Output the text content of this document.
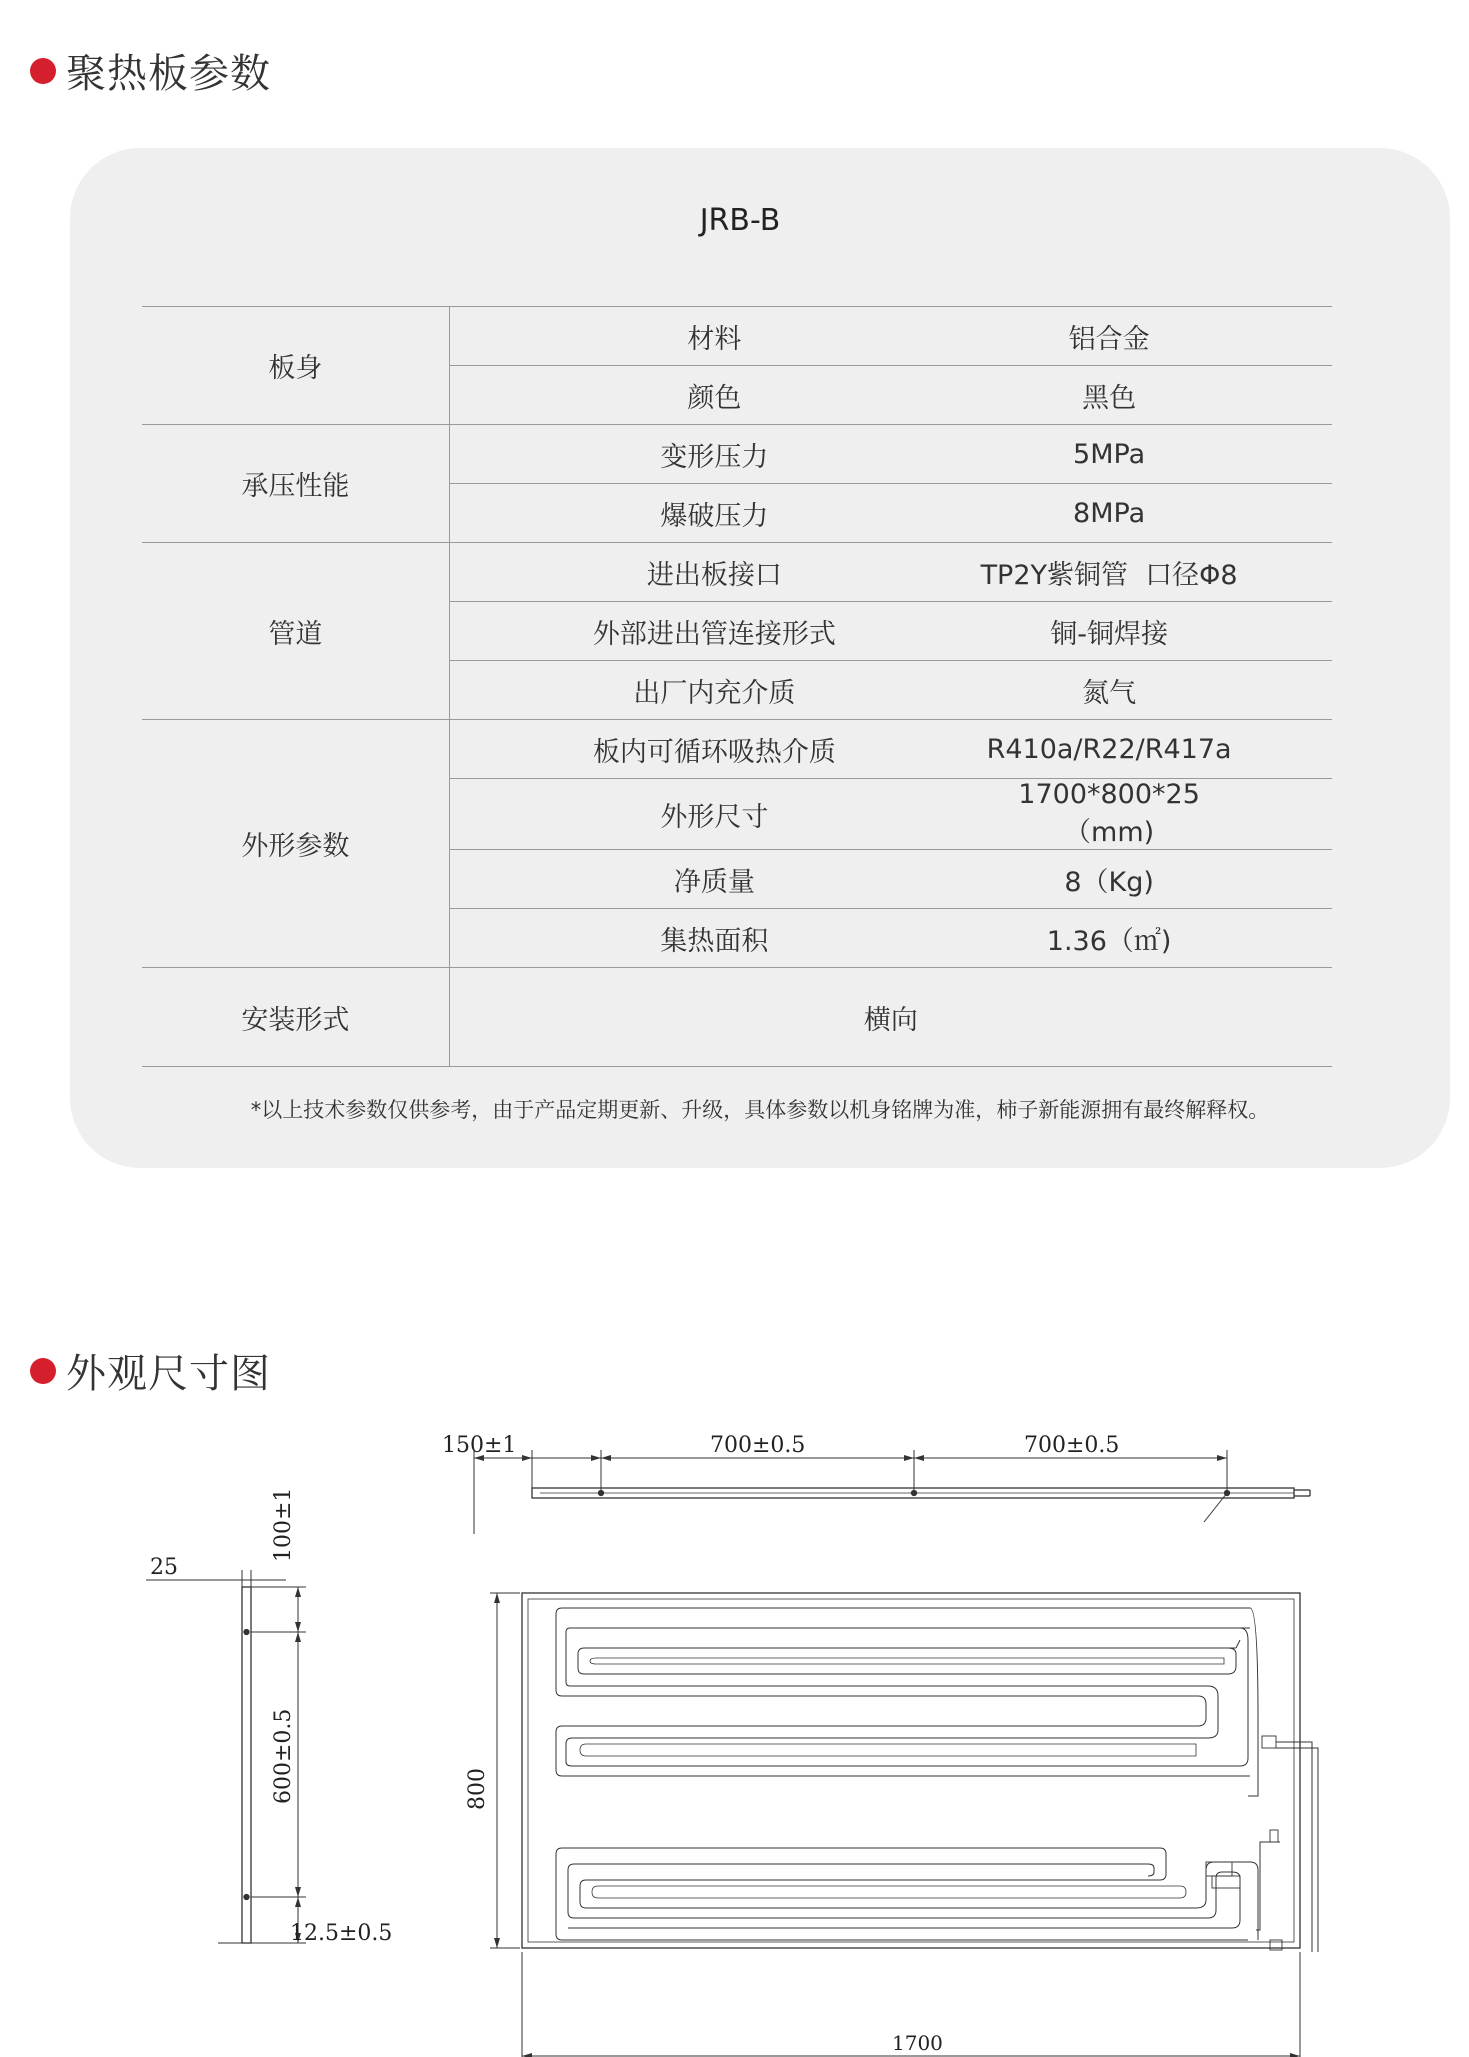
聚热板参数
JRB-B
板身	材料	铝合金
	颜色	黑色
承压性能	变形压力	5MPa
	爆破压力	8MPa
管道	进出板接口	TP2Y紫铜管  口径Φ8
	外部进出管连接形式	铜-铜焊接
	出厂内充介质	氮气
外形参数	板内可循环吸热介质	R410a/R22/R417a
	外形尺寸	1700*800*25（mm)
	净质量	8（Kg)
	集热面积	1.36（㎡)
安装形式	横向	
*以上技术参数仅供参考，由于产品定期更新、升级，具体参数以机身铭牌为准，柿子新能源拥有最终解释权。
外观尺寸图
150±1	700±0.5	700±0.5
25
100±1
600±0.5
12.5±0.5
800
1700
